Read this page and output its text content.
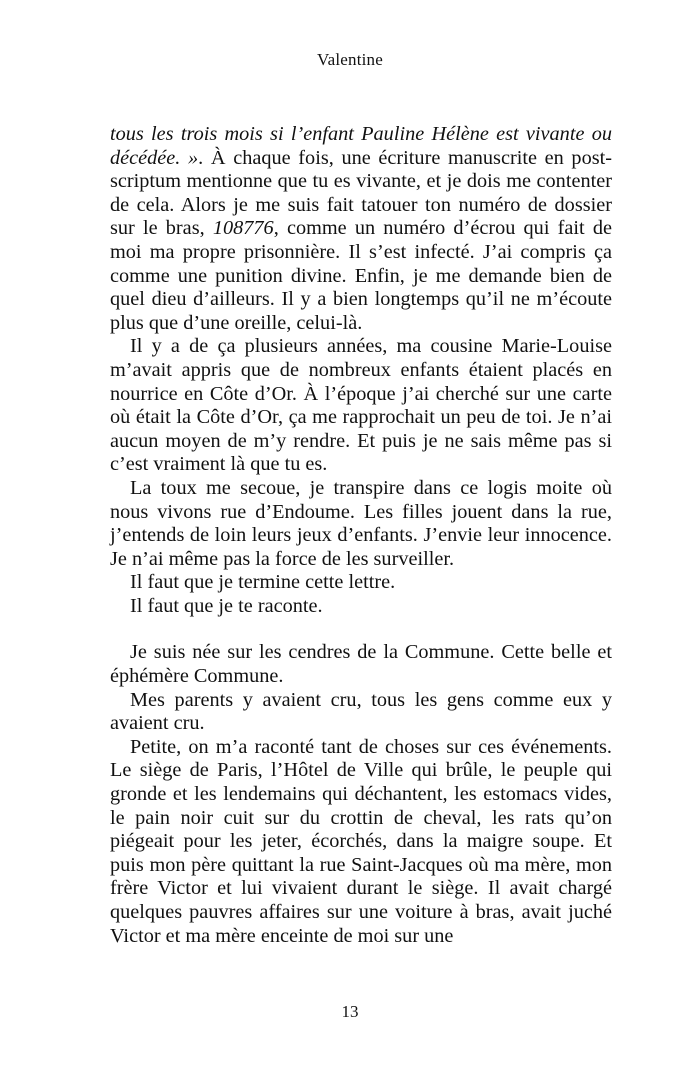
Valentine

tous les trois mois si l’enfant Pauline Hélène est vivante ou décédée. ». À chaque fois, une écriture manuscrite en post-scriptum mentionne que tu es vivante, et je dois me contenter de cela. Alors je me suis fait tatouer ton numéro de dossier sur le bras, 108776, comme un numéro d’écrou qui fait de moi ma propre prisonnière. Il s’est infecté. J’ai compris ça comme une punition divine. Enfin, je me demande bien de quel dieu d’ailleurs. Il y a bien longtemps qu’il ne m’écoute plus que d’une oreille, celui-là.

Il y a de ça plusieurs années, ma cousine Marie-Louise m’avait appris que de nombreux enfants étaient placés en nourrice en Côte d’Or. À l’époque j’ai cherché sur une carte où était la Côte d’Or, ça me rapprochait un peu de toi. Je n’ai aucun moyen de m’y rendre. Et puis je ne sais même pas si c’est vraiment là que tu es.

La toux me secoue, je transpire dans ce logis moite où nous vivons rue d’Endoume. Les filles jouent dans la rue, j’entends de loin leurs jeux d’enfants. J’envie leur innocence. Je n’ai même pas la force de les surveiller.

Il faut que je termine cette lettre.

Il faut que je te raconte.

Je suis née sur les cendres de la Commune. Cette belle et éphémère Commune.

Mes parents y avaient cru, tous les gens comme eux y avaient cru.

Petite, on m’a raconté tant de choses sur ces événements. Le siège de Paris, l’Hôtel de Ville qui brûle, le peuple qui gronde et les lendemains qui déchantent, les estomacs vides, le pain noir cuit sur du crottin de cheval, les rats qu’on piégeait pour les jeter, écorchés, dans la maigre soupe. Et puis mon père quittant la rue Saint-Jacques où ma mère, mon frère Victor et lui vivaient durant le siège. Il avait chargé quelques pauvres affaires sur une voiture à bras, avait juché Victor et ma mère enceinte de moi sur une

13
